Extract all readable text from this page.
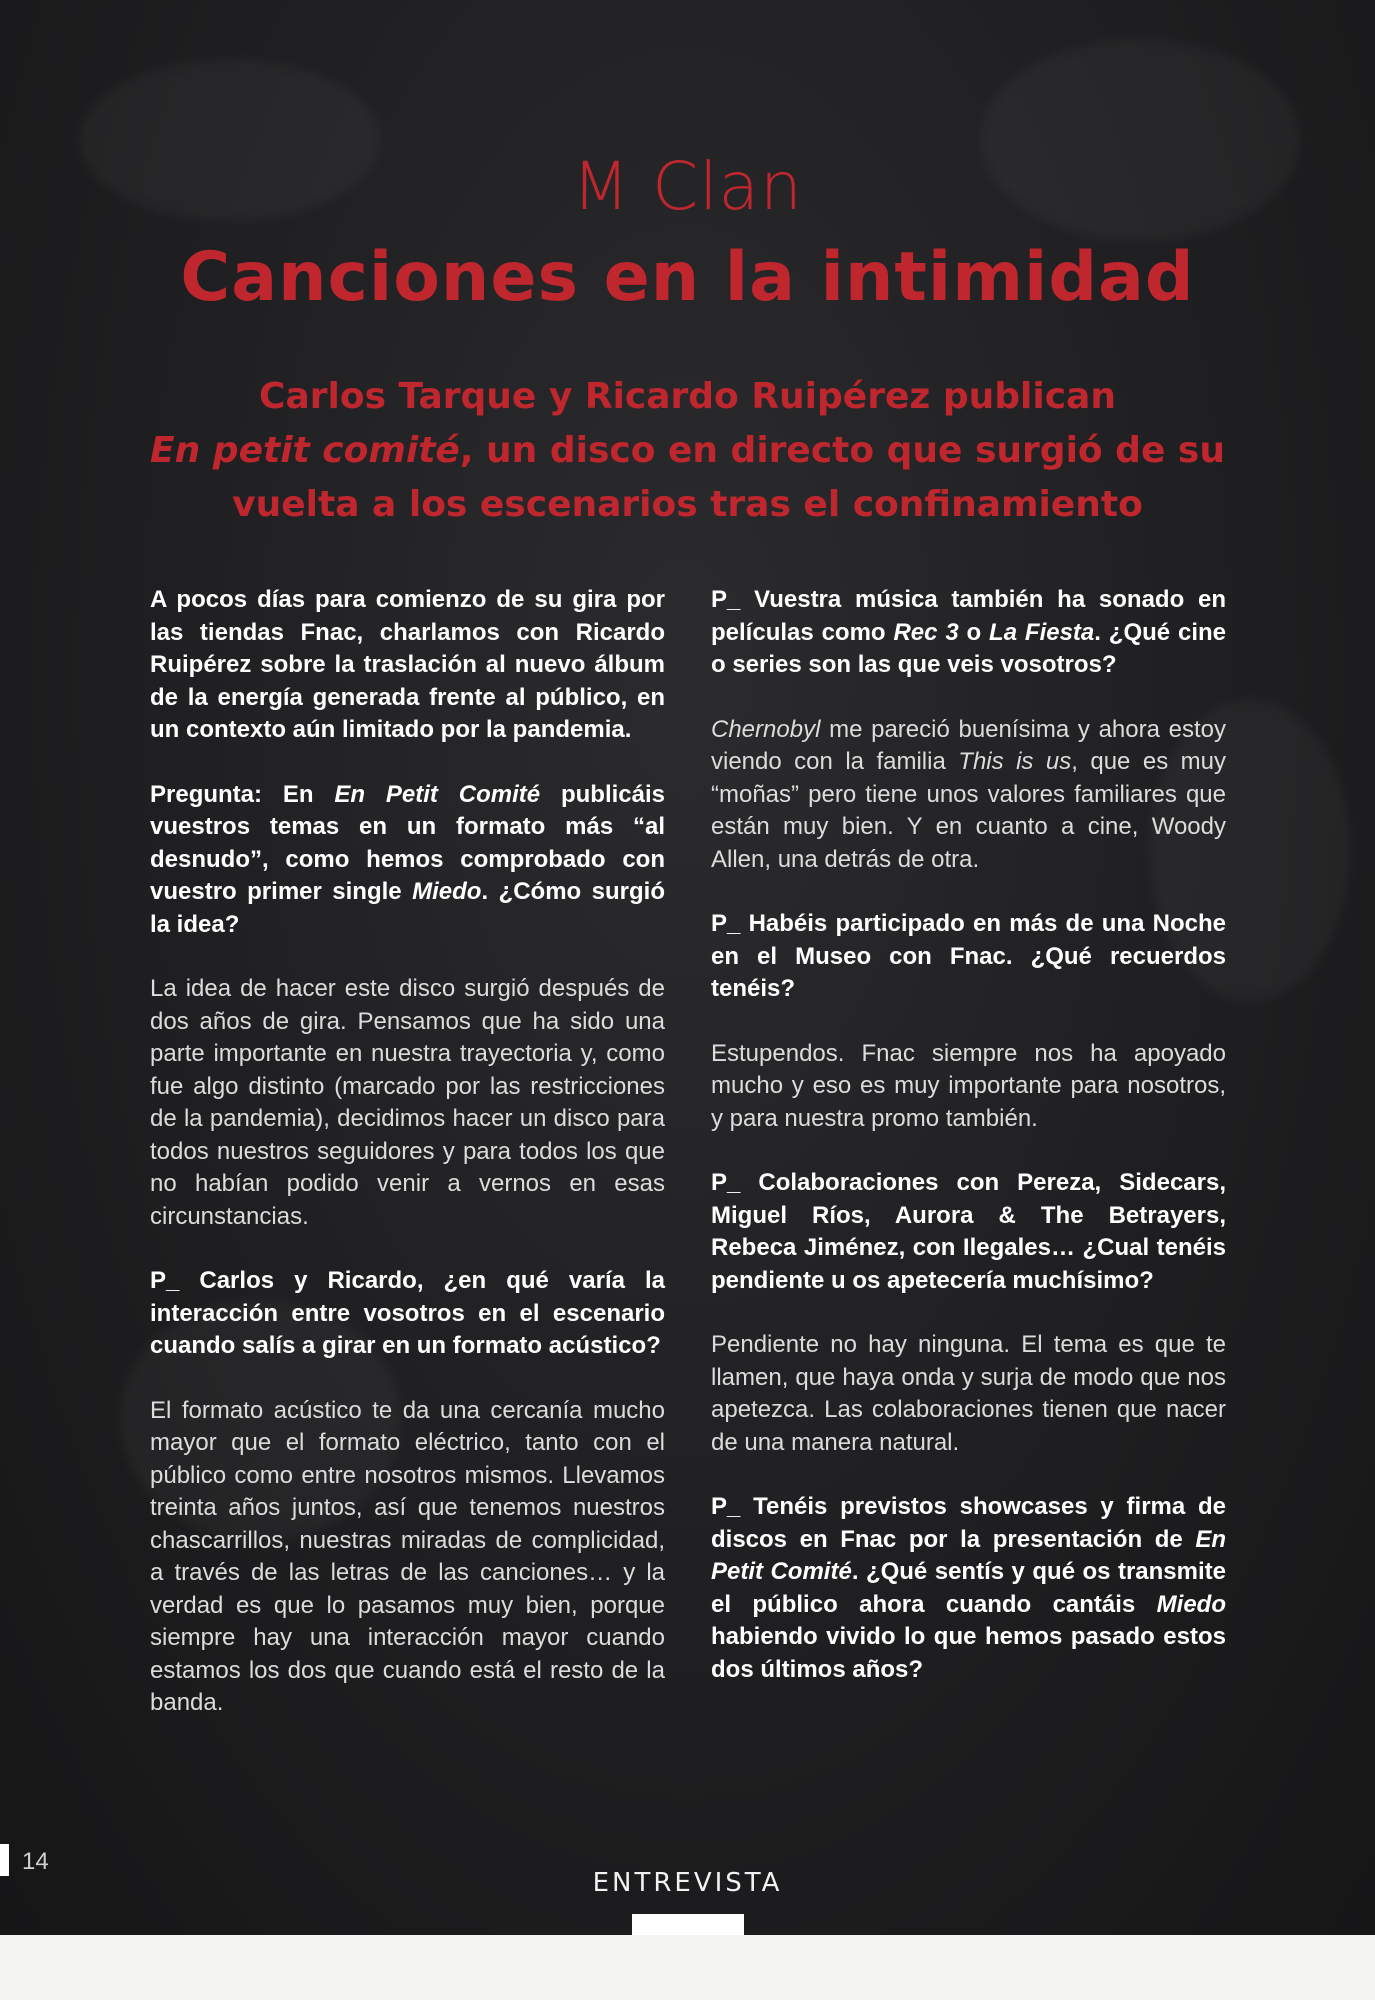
M Clan
Canciones en la intimidad

Carlos Tarque y Ricardo Ruipérez publican
En petit comité, un disco en directo que surgió de su vuelta a los escenarios tras el confinamiento

A pocos días para comienzo de su gira por las tiendas Fnac, charlamos con Ricardo Ruipérez sobre la traslación al nuevo álbum de la energía generada frente al público, en un contexto aún limitado por la pandemia.

Pregunta: En En Petit Comité publicáis vuestros temas en un formato más “al desnudo”, como hemos comprobado con vuestro primer single Miedo. ¿Cómo surgió la idea?

La idea de hacer este disco surgió después de dos años de gira. Pensamos que ha sido una parte importante en nuestra trayectoria y, como fue algo distinto (marcado por las restricciones de la pandemia), decidimos hacer un disco para todos nuestros seguidores y para todos los que no habían podido venir a vernos en esas circunstancias.

P_ Carlos y Ricardo, ¿en qué varía la interacción entre vosotros en el escenario cuando salís a girar en un formato acústico?

El formato acústico te da una cercanía mucho mayor que el formato eléctrico, tanto con el público como entre nosotros mismos. Llevamos treinta años juntos, así que tenemos nuestros chascarrillos, nuestras miradas de complicidad, a través de las letras de las canciones… y la verdad es que lo pasamos muy bien, porque siempre hay una interacción mayor cuando estamos los dos que cuando está el resto de la banda.

P_ Vuestra música también ha sonado en películas como Rec 3 o La Fiesta. ¿Qué cine o series son las que veis vosotros?

Chernobyl me pareció buenísima y ahora estoy viendo con la familia This is us, que es muy “moñas” pero tiene unos valores familiares que están muy bien. Y en cuanto a cine, Woody Allen, una detrás de otra.

P_ Habéis participado en más de una Noche en el Museo con Fnac. ¿Qué recuerdos tenéis?

Estupendos. Fnac siempre nos ha apoyado mucho y eso es muy importante para nosotros, y para nuestra promo también.

P_ Colaboraciones con Pereza, Sidecars, Miguel Ríos, Aurora & The Betrayers, Rebeca Jiménez, con Ilegales… ¿Cual tenéis pendiente u os apetecería muchísimo?

Pendiente no hay ninguna. El tema es que te llamen, que haya onda y surja de modo que nos apetezca. Las colaboraciones tienen que nacer de una manera natural.

P_ Tenéis previstos showcases y firma de discos en Fnac por la presentación de En Petit Comité. ¿Qué sentís y qué os transmite el público ahora cuando cantáis Miedo habiendo vivido lo que hemos pasado estos dos últimos años?

14
ENTREVISTA
